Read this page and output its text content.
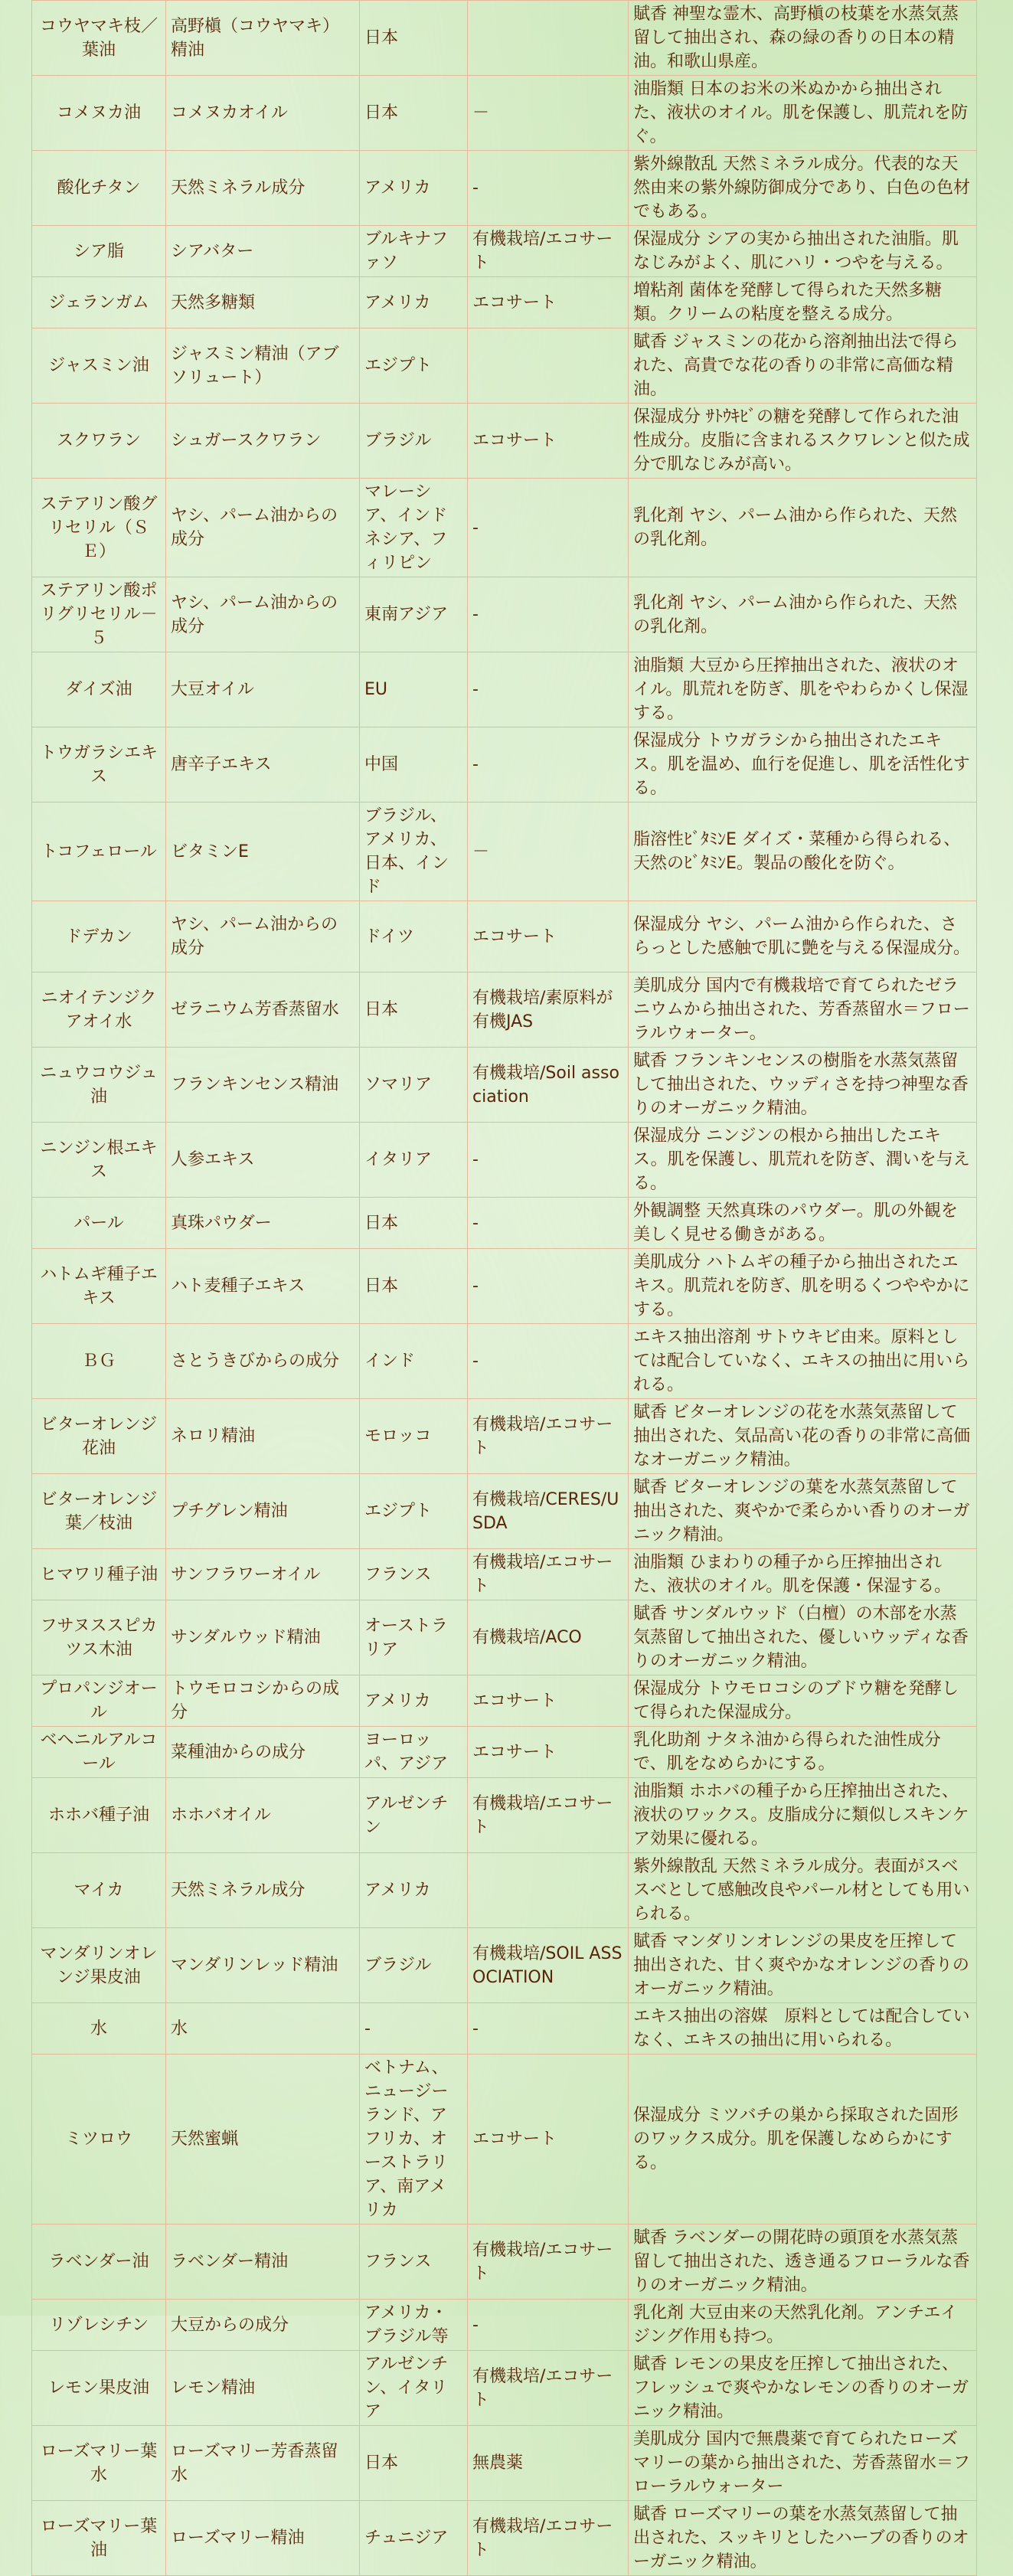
コウヤマキ枝／葉油	高野槇（コウヤマキ）精油	日本		賦香 神聖な霊木、高野槇の枝葉を水蒸気蒸留して抽出され、森の緑の香りの日本の精油。和歌山県産。
コメヌカ油	コメヌカオイル	日本	－	油脂類 日本のお米の米ぬかから抽出された、液状のオイル。肌を保護し、肌荒れを防ぐ。
酸化チタン	天然ミネラル成分	アメリカ	-	紫外線散乱 天然ミネラル成分。代表的な天然由来の紫外線防御成分であり、白色の色材でもある。
シア脂	シアバター	ブルキナファソ	有機栽培/エコサート	保湿成分 シアの実から抽出された油脂。肌なじみがよく、肌にハリ・つやを与える。
ジェランガム	天然多糖類	アメリカ	エコサート	増粘剤 菌体を発酵して得られた天然多糖類。クリームの粘度を整える成分。
ジャスミン油	ジャスミン精油（アブソリュート）	エジプト		賦香 ジャスミンの花から溶剤抽出法で得られた、高貴でな花の香りの非常に高価な精油。
スクワラン	シュガースクワラン	ブラジル	エコサート	保湿成分 ｻﾄｳｷﾋﾞの糖を発酵して作られた油性成分。皮脂に含まれるスクワレンと似た成分で肌なじみが高い。
ステアリン酸グリセリル（ＳＥ）	ヤシ、パーム油からの成分	マレーシア、インドネシア、フィリピン	-	乳化剤 ヤシ、パーム油から作られた、天然の乳化剤。
ステアリン酸ポリグリセリル－５	ヤシ、パーム油からの成分	東南アジア	-	乳化剤 ヤシ、パーム油から作られた、天然の乳化剤。
ダイズ油	大豆オイル	EU	-	油脂類 大豆から圧搾抽出された、液状のオイル。肌荒れを防ぎ、肌をやわらかくし保湿する。
トウガラシエキス	唐辛子エキス	中国	-	保湿成分 トウガラシから抽出されたエキス。肌を温め、血行を促進し、肌を活性化する。
トコフェロール	ビタミンE	ブラジル、アメリカ、日本、インド	－	脂溶性ﾋﾞﾀﾐﾝE ダイズ・菜種から得られる、天然のﾋﾞﾀﾐﾝE。製品の酸化を防ぐ。
ドデカン	ヤシ、パーム油からの成分	ドイツ	エコサート	保湿成分 ヤシ、パーム油から作られた、さらっとした感触で肌に艶を与える保湿成分。
ニオイテンジクアオイ水	ゼラニウム芳香蒸留水	日本	有機栽培/素原料が有機JAS	美肌成分 国内で有機栽培で育てられたゼラニウムから抽出された、芳香蒸留水＝フローラルウォーター。
ニュウコウジュ油	フランキンセンス精油	ソマリア	有機栽培/Soil association	賦香 フランキンセンスの樹脂を水蒸気蒸留して抽出された、ウッディさを持つ神聖な香りのオーガニック精油。
ニンジン根エキス	人参エキス	イタリア	-	保湿成分 ニンジンの根から抽出したエキス。肌を保護し、肌荒れを防ぎ、潤いを与える。
パール	真珠パウダー	日本	-	外観調整 天然真珠のパウダー。肌の外観を美しく見せる働きがある。
ハトムギ種子エキス	ハト麦種子エキス	日本	-	美肌成分 ハトムギの種子から抽出されたエキス。肌荒れを防ぎ、肌を明るくつややかにする。
ＢＧ	さとうきびからの成分	インド	-	エキス抽出溶剤 サトウキビ由来。原料としては配合していなく、エキスの抽出に用いられる。
ビターオレンジ花油	ネロリ精油	モロッコ	有機栽培/エコサート	賦香 ビターオレンジの花を水蒸気蒸留して抽出された、気品高い花の香りの非常に高価なオーガニック精油。
ビターオレンジ葉／枝油	プチグレン精油	エジプト	有機栽培/CERES/USDA	賦香 ビターオレンジの葉を水蒸気蒸留して抽出された、爽やかで柔らかい香りのオーガニック精油。
ヒマワリ種子油	サンフラワーオイル	フランス	有機栽培/エコサート	油脂類 ひまわりの種子から圧搾抽出された、液状のオイル。肌を保護・保湿する。
フサヌススピカツス木油	サンダルウッド精油	オーストラリア	有機栽培/ACO	賦香 サンダルウッド（白檀）の木部を水蒸気蒸留して抽出された、優しいウッディな香りのオーガニック精油。
プロパンジオール	トウモロコシからの成分	アメリカ	エコサート	保湿成分 トウモロコシのブドウ糖を発酵して得られた保湿成分。
ベヘニルアルコール	菜種油からの成分	ヨーロッパ、アジア	エコサート	乳化助剤 ナタネ油から得られた油性成分で、肌をなめらかにする。
ホホバ種子油	ホホバオイル	アルゼンチン	有機栽培/エコサート	油脂類 ホホバの種子から圧搾抽出された、液状のワックス。皮脂成分に類似しスキンケア効果に優れる。
マイカ	天然ミネラル成分	アメリカ		紫外線散乱 天然ミネラル成分。表面がスベスベとして感触改良やパール材としても用いられる。
マンダリンオレンジ果皮油	マンダリンレッド精油	ブラジル	有機栽培/SOIL ASSOCIATION	賦香 マンダリンオレンジの果皮を圧搾して抽出された、甘く爽やかなオレンジの香りのオーガニック精油。
水	水	-	-	エキス抽出の溶媒　原料としては配合していなく、エキスの抽出に用いられる。
ミツロウ	天然蜜蝋	ベトナム、ニュージーランド、アフリカ、オーストラリア、南アメリカ	エコサート	保湿成分 ミツバチの巣から採取された固形のワックス成分。肌を保護しなめらかにする。
ラベンダー油	ラベンダー精油	フランス	有機栽培/エコサート	賦香 ラベンダーの開花時の頭頂を水蒸気蒸留して抽出された、透き通るフローラルな香りのオーガニック精油。
リゾレシチン	大豆からの成分	アメリカ・ブラジル等	-	乳化剤 大豆由来の天然乳化剤。アンチエイジング作用も持つ。
レモン果皮油	レモン精油	アルゼンチン、イタリア	有機栽培/エコサート	賦香 レモンの果皮を圧搾して抽出された、フレッシュで爽やかなレモンの香りのオーガニック精油。
ローズマリー葉水	ローズマリー芳香蒸留水	日本	無農薬	美肌成分 国内で無農薬で育てられたローズマリーの葉から抽出された、芳香蒸留水＝フローラルウォーター
ローズマリー葉油	ローズマリー精油	チュニジア	有機栽培/エコサート	賦香 ローズマリーの葉を水蒸気蒸留して抽出された、スッキリとしたハーブの香りのオーガニック精油。
